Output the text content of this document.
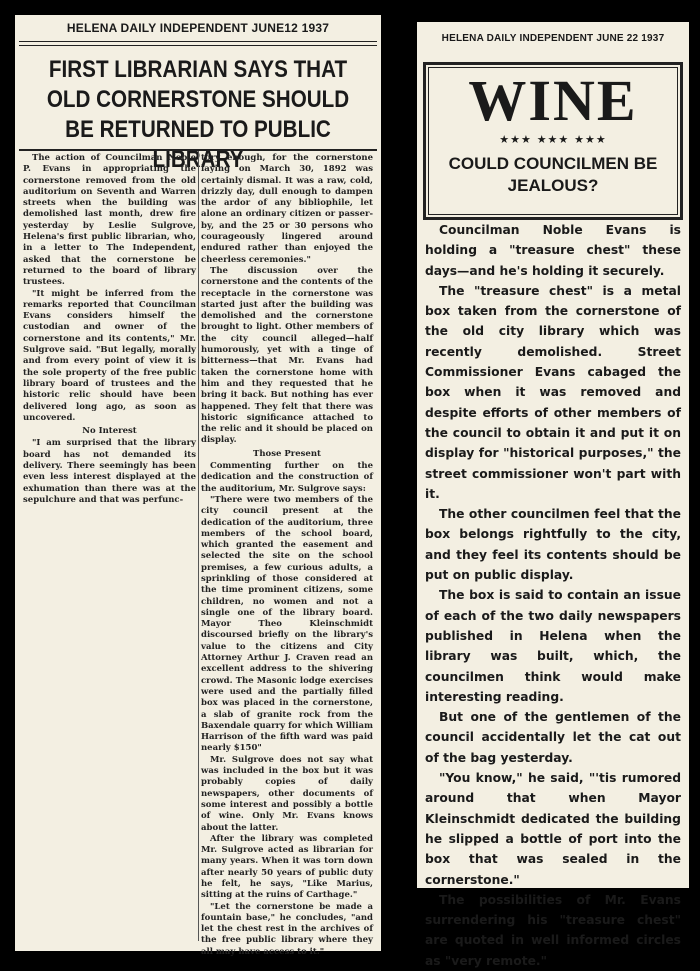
HELENA DAILY INDEPENDENT JUNE12 1937
FIRST LIBRARIAN SAYS THAT OLD CORNERSTONE SHOULD BE RETURNED TO PUBLIC LIBRARY

The action of Councilman Noble P. Evans in appropriating the cornerstone removed from the old auditorium on Seventh and Warren streets when the building was demolished last month, drew fire yesterday by Leslie Sulgrove, Helena's first public librarian, who, in a letter to The Independent, asked that the cornerstone be returned to the board of library trustees.

"It might be inferred from the remarks reported that Councilman Evans considers himself the custodian and owner of the cornerstone and its contents," Mr. Sulgrove said. "But legally, morally and from every point of view it is the sole property of the free public library board of trustees and the historic relic should have been delivered long ago, as soon as uncovered.

No Interest

"I am surprised that the library board has not demanded its delivery. There seemingly has been even less interest displayed at the exhumation than there was at the sepulchure and that was perfunc-

tory enough, for the cornerstone laying on March 30, 1892 was certainly dismal. It was a raw, cold, drizzly day, dull enough to dampen the ardor of any bibliophile, let alone an ordinary citizen or passer-by, and the 25 or 30 persons who courageously lingered around endured rather than enjoyed the cheerless ceremonies."

The discussion over the cornerstone and the contents of the receptacle in the cornerstone was started just after the building was demolished and the cornerstone brought to light. Other members of the city council alleged—half humorously, yet with a tinge of bitterness—that Mr. Evans had taken the cornerstone home with him and they requested that he bring it back. But nothing has ever happened. They felt that there was historic significance attached to the relic and it should be placed on display.

Those Present

Commenting further on the dedication and the construction of the auditorium, Mr. Sulgrove says:

"There were two members of the city council present at the dedication of the auditorium, three members of the school board, which granted the easement and selected the site on the school premises, a few curious adults, a sprinkling of those considered at the time prominent citizens, some children, no women and not a single one of the library board. Mayor Theo Kleinschmidt discoursed briefly on the library's value to the citizens and City Attorney Arthur J. Craven read an excellent address to the shivering crowd. The Masonic lodge exercises were used and the partially filled box was placed in the cornerstone, a slab of granite rock from the Baxendale quarry for which William Harrison of the fifth ward was paid nearly $150"

Mr. Sulgrove does not say what was included in the box but it was probably copies of daily newspapers, other documents of some interest and possibly a bottle of wine. Only Mr. Evans knows about the latter.

After the library was completed Mr. Sulgrove acted as librarian for many years. When it was torn down after nearly 50 years of public duty he felt, he says, "Like Marius, sitting at the ruins of Carthage."

"Let the cornerstone be made a fountain base," he concludes, "and let the chest rest in the archives of the free public library where they all may have access to it."

HELENA DAILY INDEPENDENT JUNE 22 1937
WINE
★★★ ★★★ ★★★
COULD COUNCILMEN BE JEALOUS?

Councilman Noble Evans is holding a "treasure chest" these days—and he's holding it securely.

The "treasure chest" is a metal box taken from the cornerstone of the old city library which was recently demolished. Street Commissioner Evans cabaged the box when it was removed and despite efforts of other members of the council to obtain it and put it on display for "historical purposes," the street commissioner won't part with it.

The other councilmen feel that the box belongs rightfully to the city, and they feel its contents should be put on public display.

The box is said to contain an issue of each of the two daily newspapers published in Helena when the library was built, which, the councilmen think would make interesting reading.

But one of the gentlemen of the council accidentally let the cat out of the bag yesterday.

"You know," he said, "'tis rumored around that when Mayor Kleinschmidt dedicated the building he slipped a bottle of port into the box that was sealed in the cornerstone."

The possibilities of Mr. Evans surrendering his "treasure chest" are quoted in well informed circles as "very remote."
